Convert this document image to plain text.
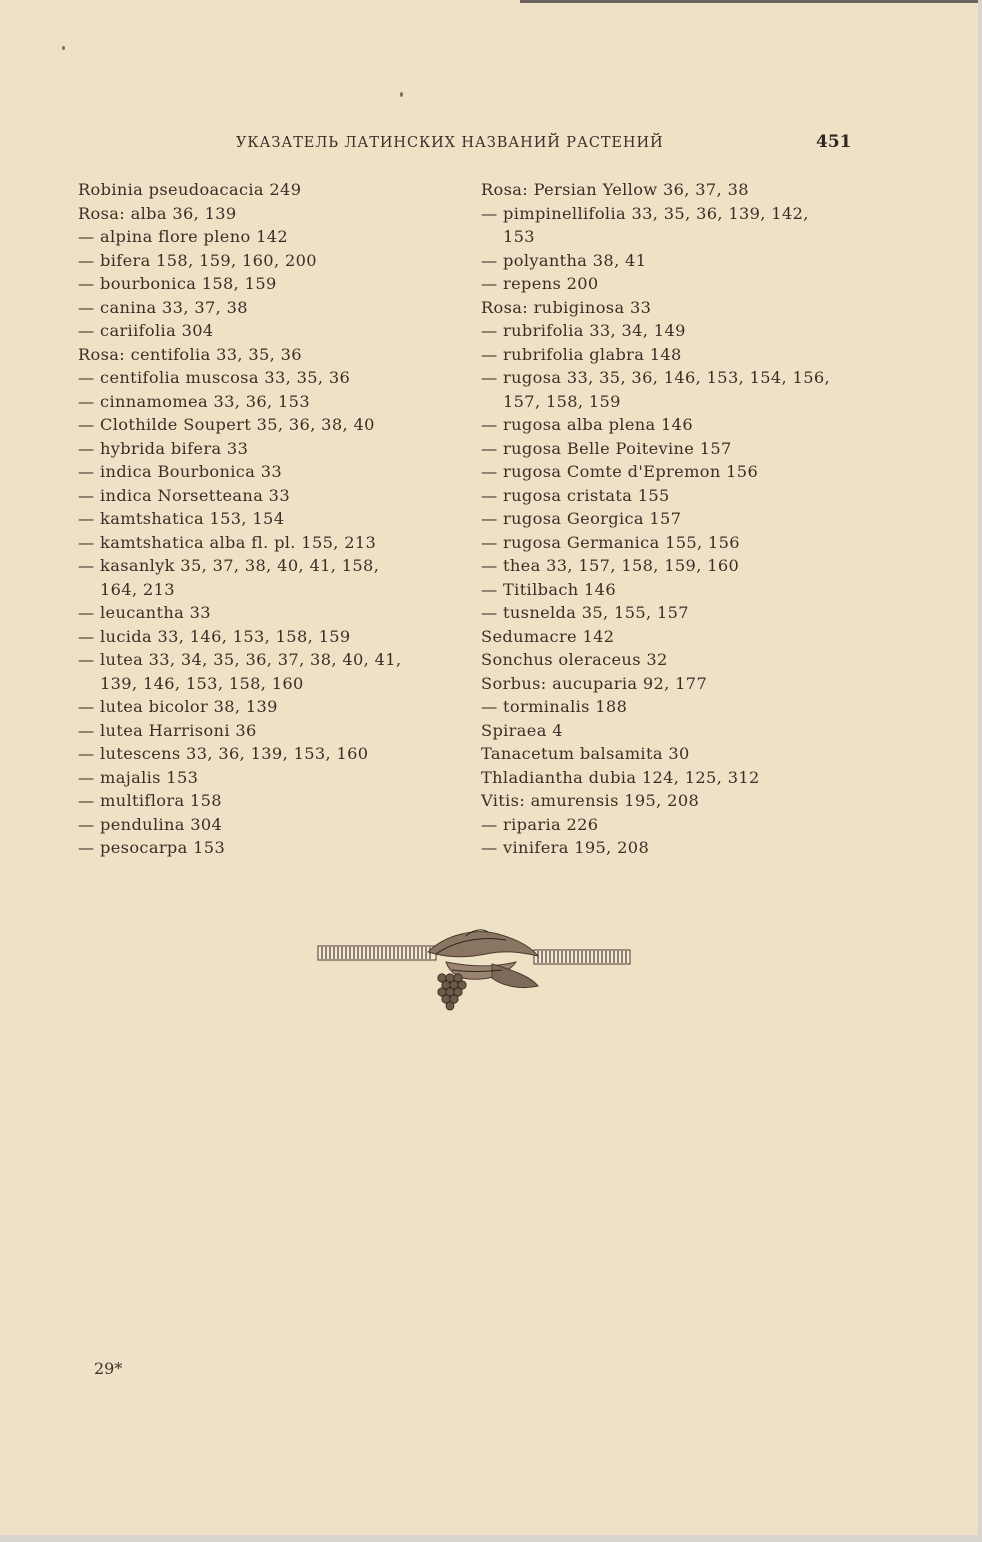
УКАЗАТЕЛЬ ЛАТИНСКИХ НАЗВАНИЙ РАСТЕНИЙ	451
Robinia pseudoacacia 249
Rosa: alba 36, 139
— alpina flore pleno 142
— bifera 158, 159, 160, 200
— bourbonica 158, 159
— canina 33, 37, 38
— cariifolia 304
Rosa: centifolia 33, 35, 36
— centifolia muscosa 33, 35, 36
— cinnamomea 33, 36, 153
— Clothilde Soupert 35, 36, 38, 40
— hybrida bifera 33
— indica Bourbonica 33
— indica Norsetteana 33
— kamtshatica 153, 154
— kamtshatica alba fl. pl. 155, 213
— kasanlyk 35, 37, 38, 40, 41, 158,
164, 213
— leucantha 33
— lucida 33, 146, 153, 158, 159
— lutea 33, 34, 35, 36, 37, 38, 40, 41,
139, 146, 153, 158, 160
— lutea bicolor 38, 139
— lutea Harrisoni 36
— lutescens 33, 36, 139, 153, 160
— majalis 153
— multiflora 158
— pendulina 304
— pesocarpa 153
Rosa: Persian Yellow 36, 37, 38
— pimpinellifolia 33, 35, 36, 139, 142,
153
— polyantha 38, 41
— repens 200
Rosa: rubiginosa 33
— rubrifolia 33, 34, 149
— rubrifolia glabra 148
— rugosa 33, 35, 36, 146, 153, 154, 156,
157, 158, 159
— rugosa alba plena 146
— rugosa Belle Poitevine 157
— rugosa Comte d'Epremon 156
— rugosa cristata 155
— rugosa Georgica 157
— rugosa Germanica 155, 156
— thea 33, 157, 158, 159, 160
— Titilbach 146
— tusnelda 35, 155, 157
Sedumacre 142
Sonchus oleraceus 32
Sorbus: aucuparia 92, 177
— torminalis 188
Spiraea 4
Tanacetum balsamita 30
Thladiantha dubia 124, 125, 312
Vitis: amurensis 195, 208
— riparia 226
— vinifera 195, 208
29*
